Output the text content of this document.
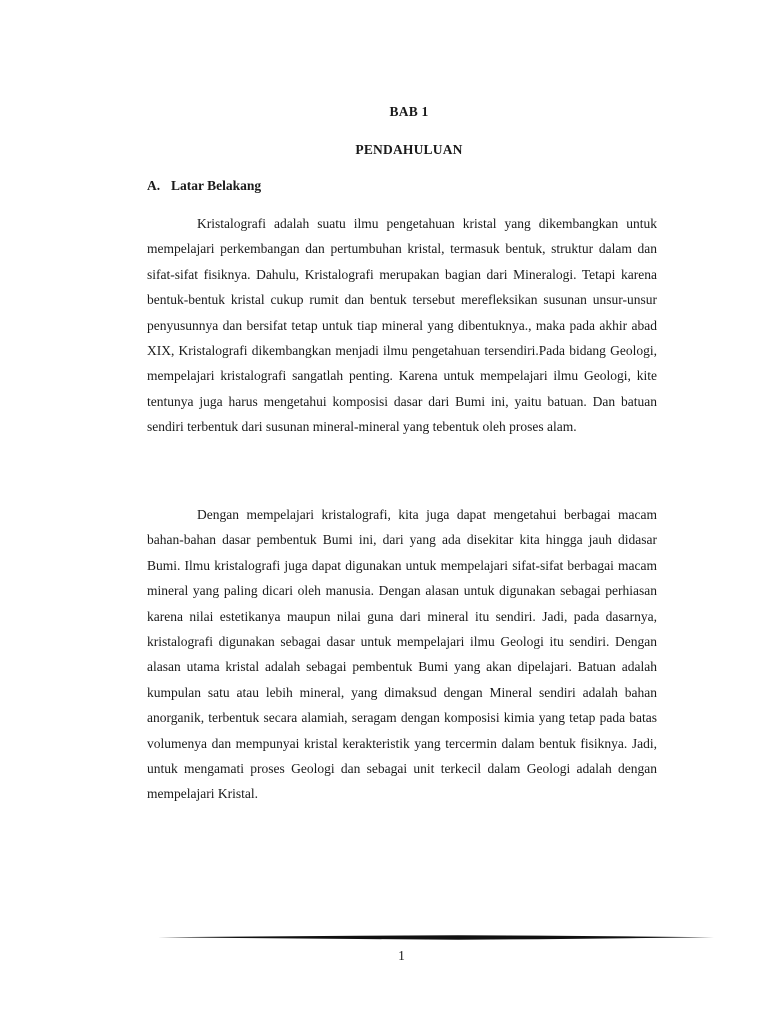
BAB 1
PENDAHULUAN
A. Latar Belakang

Kristalografi adalah suatu ilmu pengetahuan kristal yang dikembangkan untuk mempelajari perkembangan dan pertumbuhan kristal, termasuk bentuk, struktur dalam dan sifat-sifat fisiknya. Dahulu, Kristalografi merupakan bagian dari Mineralogi. Tetapi karena bentuk-bentuk kristal cukup rumit dan bentuk tersebut merefleksikan susunan unsur-unsur penyusunnya dan bersifat tetap untuk tiap mineral yang dibentuknya., maka pada akhir abad XIX, Kristalografi dikembangkan menjadi ilmu pengetahuan tersendiri.Pada bidang Geologi, mempelajari kristalografi sangatlah penting. Karena untuk mempelajari ilmu Geologi, kite tentunya juga harus mengetahui komposisi dasar dari Bumi ini, yaitu batuan. Dan batuan sendiri terbentuk dari susunan mineral-mineral yang tebentuk oleh proses alam.

Dengan mempelajari kristalografi, kita juga dapat mengetahui berbagai macam bahan-bahan dasar pembentuk Bumi ini, dari yang ada disekitar kita hingga jauh didasar Bumi. Ilmu kristalografi juga dapat digunakan untuk mempelajari sifat-sifat berbagai macam mineral yang paling dicari oleh manusia. Dengan alasan untuk digunakan sebagai perhiasan karena nilai estetikanya maupun nilai guna dari mineral itu sendiri. Jadi, pada dasarnya, kristalografi digunakan sebagai dasar untuk mempelajari ilmu Geologi itu sendiri. Dengan alasan utama kristal adalah sebagai pembentuk Bumi yang akan dipelajari. Batuan adalah kumpulan satu atau lebih mineral, yang dimaksud dengan Mineral sendiri adalah bahan anorganik, terbentuk secara alamiah, seragam dengan komposisi kimia yang tetap pada batas volumenya dan mempunyai kristal kerakteristik yang tercermin dalam bentuk fisiknya. Jadi, untuk mengamati proses Geologi dan sebagai unit terkecil dalam Geologi adalah dengan mempelajari Kristal.

1
